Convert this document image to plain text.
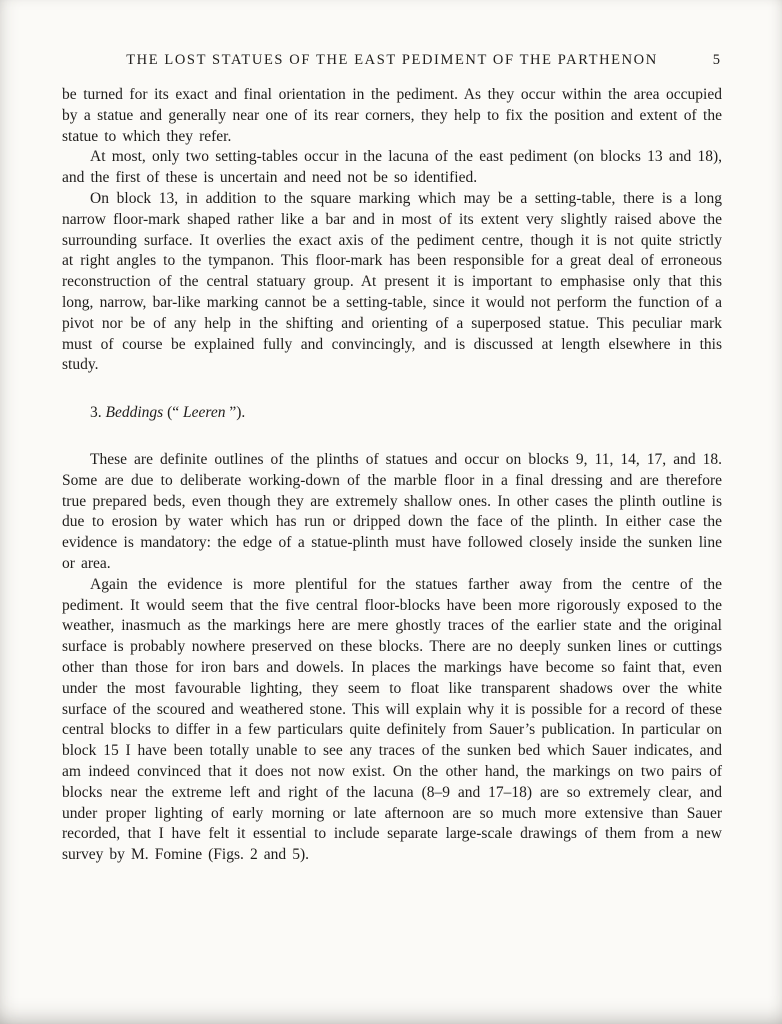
THE LOST STATUES OF THE EAST PEDIMENT OF THE PARTHENON	5

be turned for its exact and final orientation in the pediment. As they occur within the area occupied by a statue and generally near one of its rear corners, they help to fix the position and extent of the statue to which they refer.

At most, only two setting-tables occur in the lacuna of the east pediment (on blocks 13 and 18), and the first of these is uncertain and need not be so identified.

On block 13, in addition to the square marking which may be a setting-table, there is a long narrow floor-mark shaped rather like a bar and in most of its extent very slightly raised above the surrounding surface. It overlies the exact axis of the pediment centre, though it is not quite strictly at right angles to the tympanon. This floor-mark has been responsible for a great deal of erroneous reconstruction of the central statuary group. At present it is important to emphasise only that this long, narrow, bar-like marking cannot be a setting-table, since it would not perform the function of a pivot nor be of any help in the shifting and orienting of a superposed statue. This peculiar mark must of course be explained fully and convincingly, and is discussed at length elsewhere in this study.

3. Beddings (“ Leeren ”).

These are definite outlines of the plinths of statues and occur on blocks 9, 11, 14, 17, and 18. Some are due to deliberate working-down of the marble floor in a final dressing and are therefore true prepared beds, even though they are extremely shallow ones. In other cases the plinth outline is due to erosion by water which has run or dripped down the face of the plinth. In either case the evidence is mandatory: the edge of a statue-plinth must have followed closely inside the sunken line or area.

Again the evidence is more plentiful for the statues farther away from the centre of the pediment. It would seem that the five central floor-blocks have been more rigorously exposed to the weather, inasmuch as the markings here are mere ghostly traces of the earlier state and the original surface is probably nowhere preserved on these blocks. There are no deeply sunken lines or cuttings other than those for iron bars and dowels. In places the markings have become so faint that, even under the most favourable lighting, they seem to float like transparent shadows over the white surface of the scoured and weathered stone. This will explain why it is possible for a record of these central blocks to differ in a few particulars quite definitely from Sauer’s publication. In particular on block 15 I have been totally unable to see any traces of the sunken bed which Sauer indicates, and am indeed convinced that it does not now exist. On the other hand, the markings on two pairs of blocks near the extreme left and right of the lacuna (8–9 and 17–18) are so extremely clear, and under proper lighting of early morning or late afternoon are so much more extensive than Sauer recorded, that I have felt it essential to include separate large-scale drawings of them from a new survey by M. Fomine (Figs. 2 and 5).
